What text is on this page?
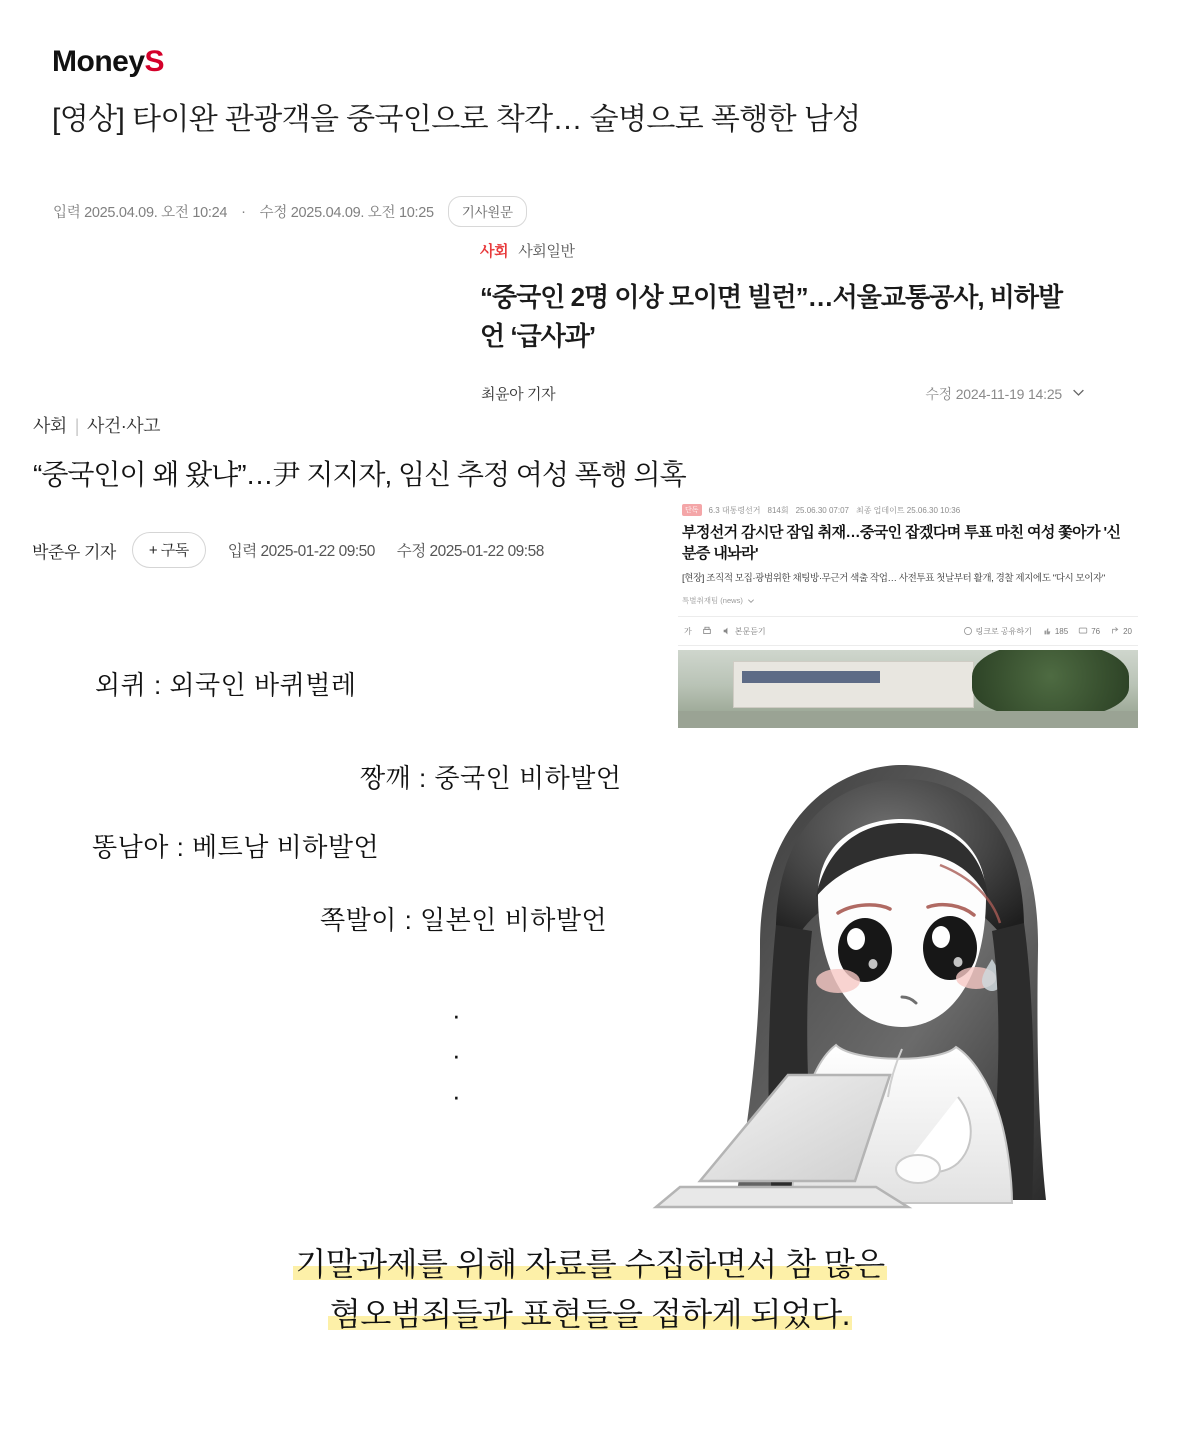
MoneyS
[영상] 타이완 관광객을 중국인으로 착각… 술병으로 폭행한 남성
입력 2025.04.09. 오전 10:24 · 수정 2025.04.09. 오전 10:25	기사원문
사회 사회일반
“중국인 2명 이상 모이면 빌런”…서울교통공사, 비하발언 ‘급사과’
최윤아 기자	수정 2024-11-19 14:25
사회 | 사건·사고
“중국인이 왜 왔냐”…尹 지지자, 임신 추정 여성 폭행 의혹
박준우 기자	+ 구독	입력 2025-01-22 09:50 수정 2025-01-22 09:58
단독	6.3 대통령선거 814회 25.06.30 07:07 최종 업데이트 25.06.30 10:36
부정선거 감시단 잠입 취재…중국인 잡겠다며 투표 마친 여성 쫓아가 '신분증 내놔라'
[현장] 조직적 모집·광범위한 채팅방·무근거 색출 작업… 사전투표 첫날부터 활개, 경찰 제지에도 "다시 모이자"
특별취재팀 (news)
가	본문듣기	링크로 공유하기	185	76	20
외퀴 : 외국인 바퀴벌레
짱깨 : 중국인 비하발언
똥남아 : 베트남 비하발언
쪽발이 : 일본인 비하발언
·
·
·
기말과제를 위해 자료를 수집하면서 참 많은
혐오범죄들과 표현들을 접하게 되었다.
